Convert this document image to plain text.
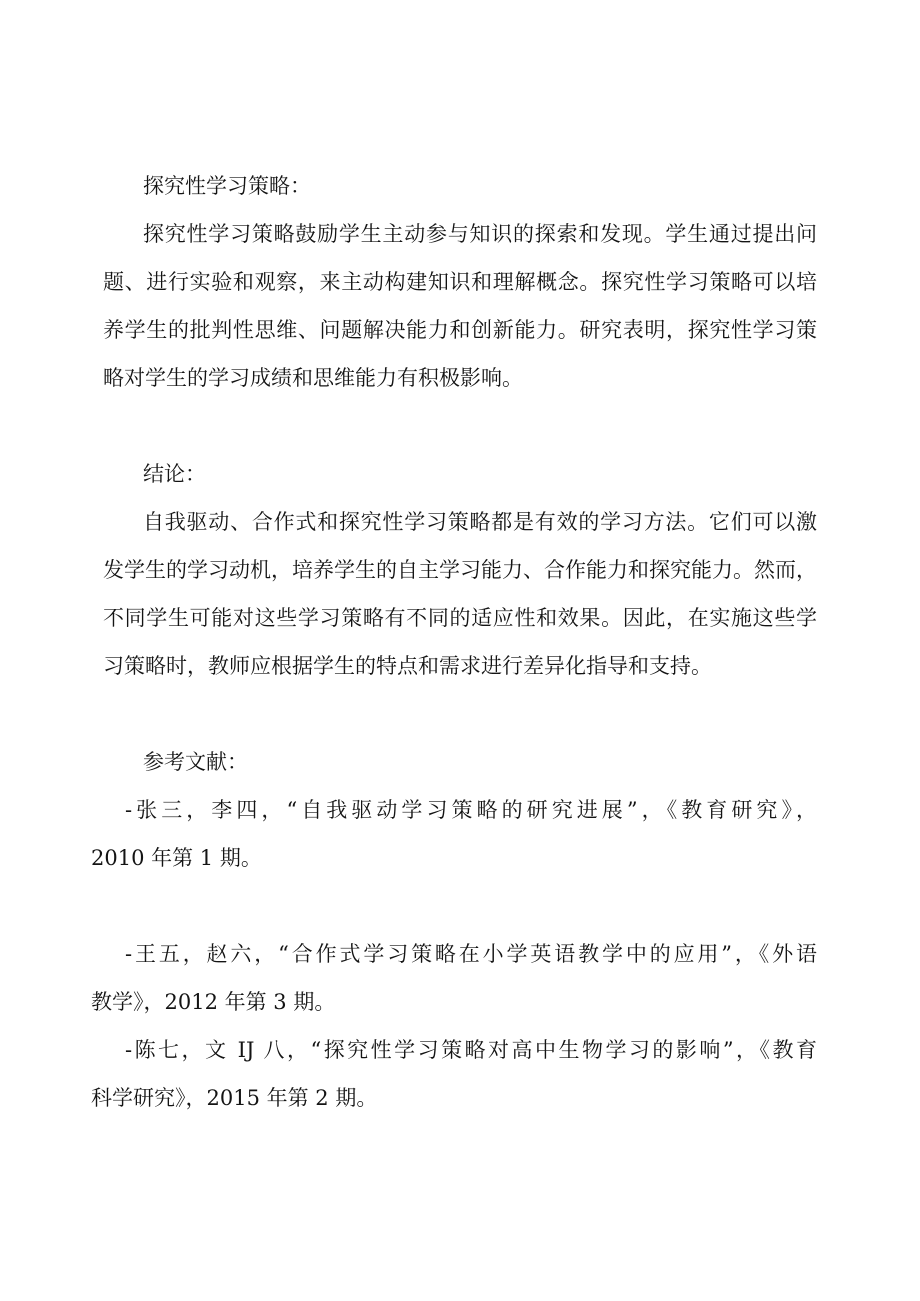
探究性学习策略：
探究性学习策略鼓励学生主动参与知识的探索和发现。学生通过提出问
题、进行实验和观察，来主动构建知识和理解概念。探究性学习策略可以培
养学生的批判性思维、问题解决能力和创新能力。研究表明，探究性学习策
略对学生的学习成绩和思维能力有积极影响。
结论：
自我驱动、合作式和探究性学习策略都是有效的学习方法。它们可以激
发学生的学习动机，培养学生的自主学习能力、合作能力和探究能力。然而，
不同学生可能对这些学习策略有不同的适应性和效果。因此，在实施这些学
习策略时，教师应根据学生的特点和需求进行差异化指导和支持。
参考文献：
-张三，李四，“自我驱动学习策略的研究进展”，《教育研究》，
2010 年第 1 期。
-王五，赵六，“合作式学习策略在小学英语教学中的应用”，《外语
教学》，2012 年第 3 期。
-陈七，文 IJ 八，“探究性学习策略对高中生物学习的影响”，《教育
科学研究》，2015 年第 2 期。
